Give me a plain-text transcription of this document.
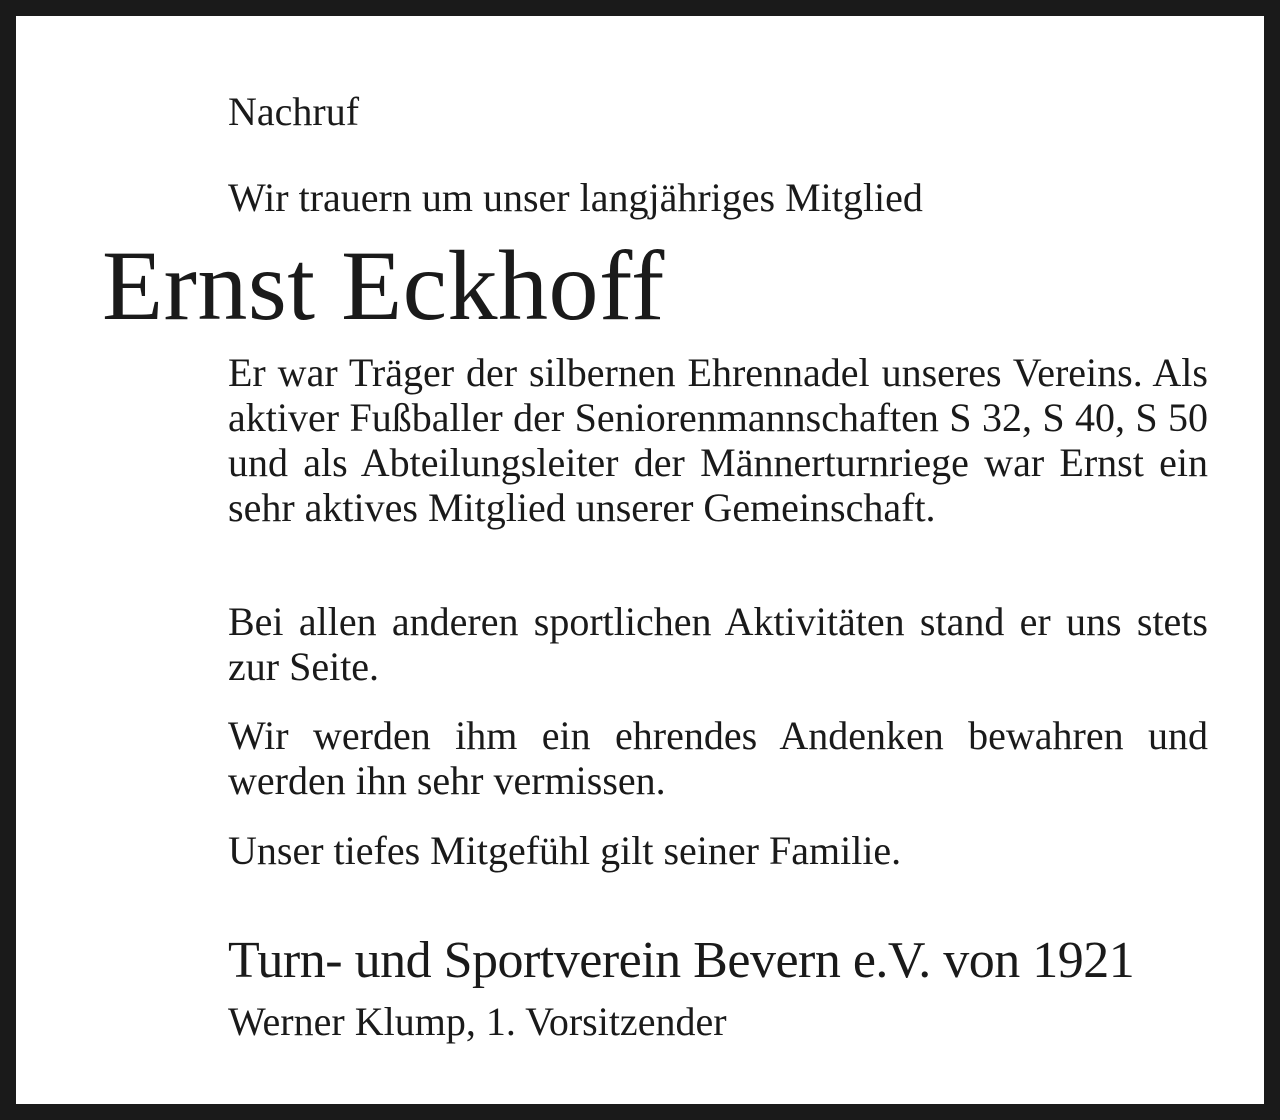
Nachruf
Wir trauern um unser langjähriges Mitglied
Ernst Eckhoff

Er war Träger der silbernen Ehrennadel unseres Vereins. Als aktiver Fußballer der Seniorenmannschaften S 32, S 40, S 50 und als Abteilungsleiter der Männerturnriege war Ernst ein sehr aktives Mitglied unserer Gemeinschaft.

Bei allen anderen sportlichen Aktivitäten stand er uns stets zur Seite.

Wir werden ihm ein ehrendes Andenken bewahren und werden ihn sehr vermissen.

Unser tiefes Mitgefühl gilt seiner Familie.

Turn- und Sportverein Bevern e.V. von 1921
Werner Klump, 1. Vorsitzender
